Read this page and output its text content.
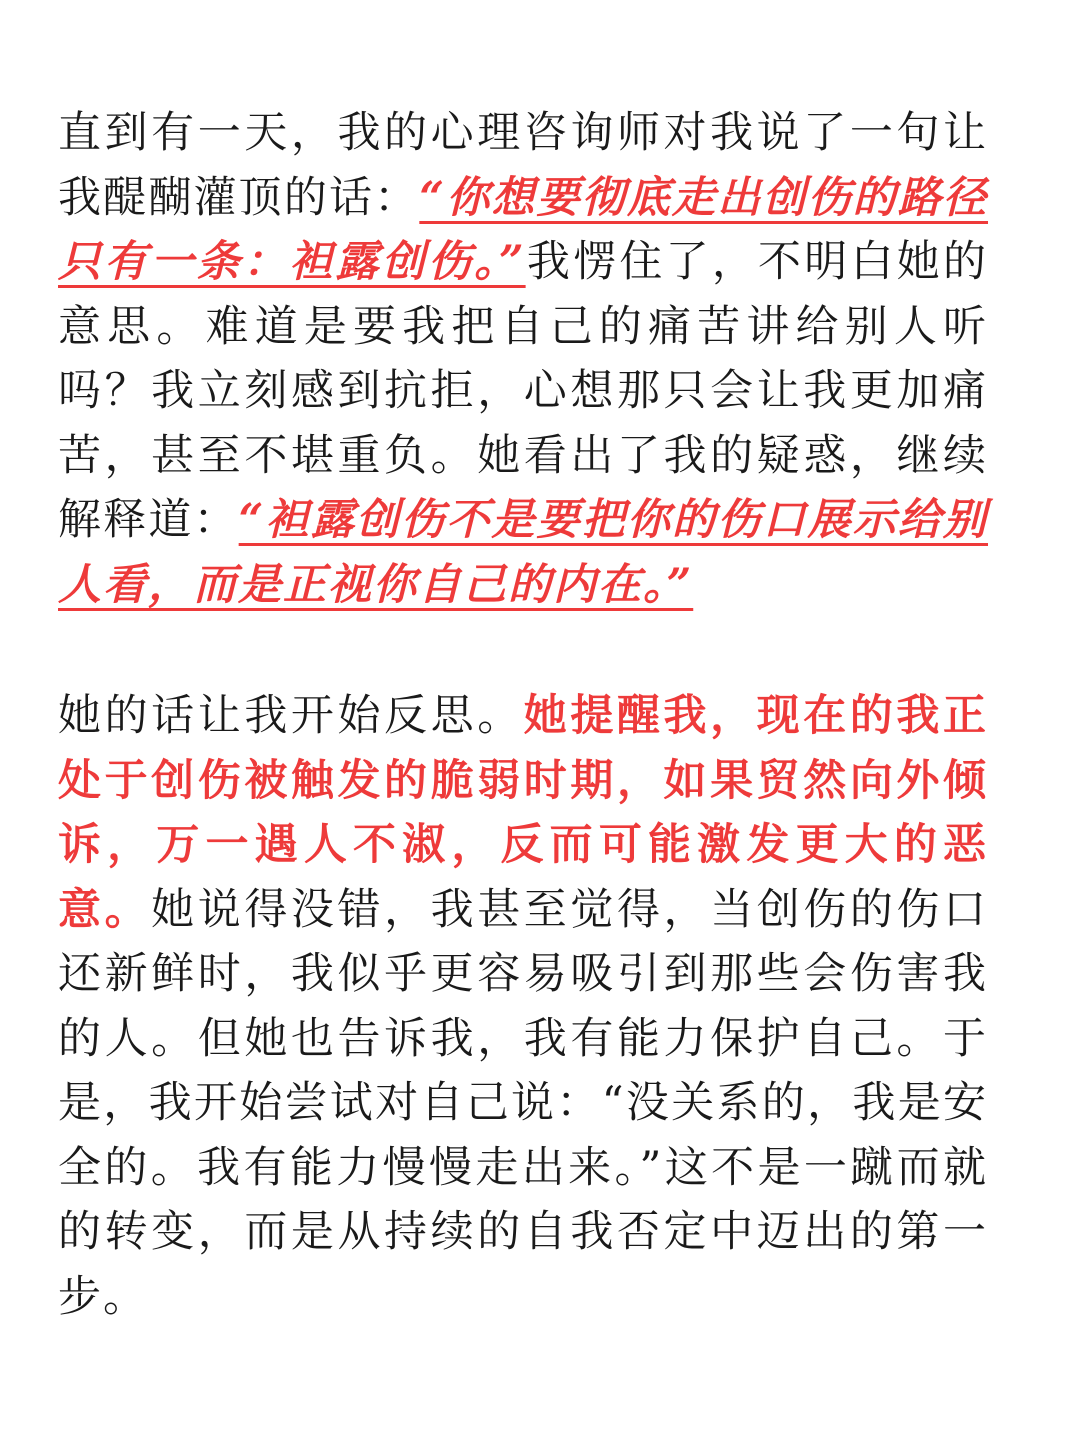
直到有一天，我的心理咨询师对我说了一句让我醍醐灌顶的话：“你想要彻底走出创伤的路径只有一条：袒露创伤。”我愣住了，不明白她的意思。难道是要我把自己的痛苦讲给别人听吗？我立刻感到抗拒，心想那只会让我更加痛苦，甚至不堪重负。她看出了我的疑惑，继续解释道：“袒露创伤不是要把你的伤口展示给别人看，而是正视你自己的内在。”

她的话让我开始反思。她提醒我，现在的我正处于创伤被触发的脆弱时期，如果贸然向外倾诉，万一遇人不淑，反而可能激发更大的恶意。她说得没错，我甚至觉得，当创伤的伤口还新鲜时，我似乎更容易吸引到那些会伤害我的人。但她也告诉我，我有能力保护自己。于是，我开始尝试对自己说：“没关系的，我是安全的。我有能力慢慢走出来。”这不是一蹴而就的转变，而是从持续的自我否定中迈出的第一步。
